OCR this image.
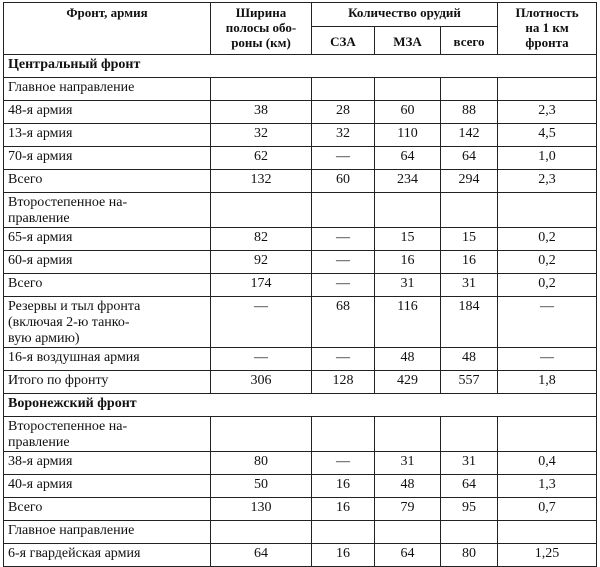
Фронт, армия	Ширина
полосы обо-
роны (км)	Количество орудий			Плотность
на 1 км
фронта
		СЗА	МЗА	всего	
Центральный фронт					
Главное направление					
48-я армия	38	28	60	88	2,3
13-я армия	32	32	110	142	4,5
70-я армия	62	—	64	64	1,0
Всего	132	60	234	294	2,3

Второстепенное на-
правление					

65-я армия	82	—	15	15	0,2
60-я армия	92	—	16	16	0,2
Всего	174	—	31	31	0,2

Резервы и тыл фронта
(включая 2-ю танко-
вую армию)	—	68	116	184	—
16-я воздушная армия	—	—	48	48	—
Итого по фронту	306	128	429	557	1,8
Воронежский фронт					

Второстепенное на-
правление					

38-я армия	80	—	31	31	0,4
40-я армия	50	16	48	64	1,3
Всего	130	16	79	95	0,7
Главное направление					
6-я гвардейская армия	64	16	64	80	1,25
